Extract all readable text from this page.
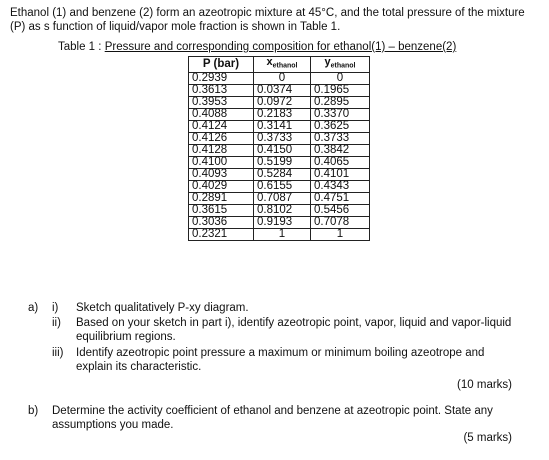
Ethanol (1) and benzene (2) form an azeotropic mixture at 45°C, and the total pressure of the mixture (P) as s function of liquid/vapor mole fraction is shown in Table 1.
Table 1 : Pressure and corresponding composition for ethanol(1) – benzene(2)
P (bar)	$x_{ethanol}$	$y_{ethanol}$
0.2939	0	0
0.3613	0.0374	0.1965
0.3953	0.0972	0.2895
0.4088	0.2183	0.3370
0.4124	0.3141	0.3625
0.4126	0.3733	0.3733
0.4128	0.4150	0.3842
0.4100	0.5199	0.4065
0.4093	0.5284	0.4101
0.4029	0.6155	0.4343
0.2891	0.7087	0.4751
0.3615	0.8102	0.5456
0.3036	0.9193	0.7078
0.2321	1	1
a) i) Sketch qualitatively P-xy diagram.
ii) Based on your sketch in part i), identify azeotropic point, vapor, liquid and vapor-liquid equilibrium regions.
iii) Identify azeotropic point pressure a maximum or minimum boiling azeotrope and explain its characteristic.
(10 marks)
b) Determine the activity coefficient of ethanol and benzene at azeotropic point. State any assumptions you made.
(5 marks)
